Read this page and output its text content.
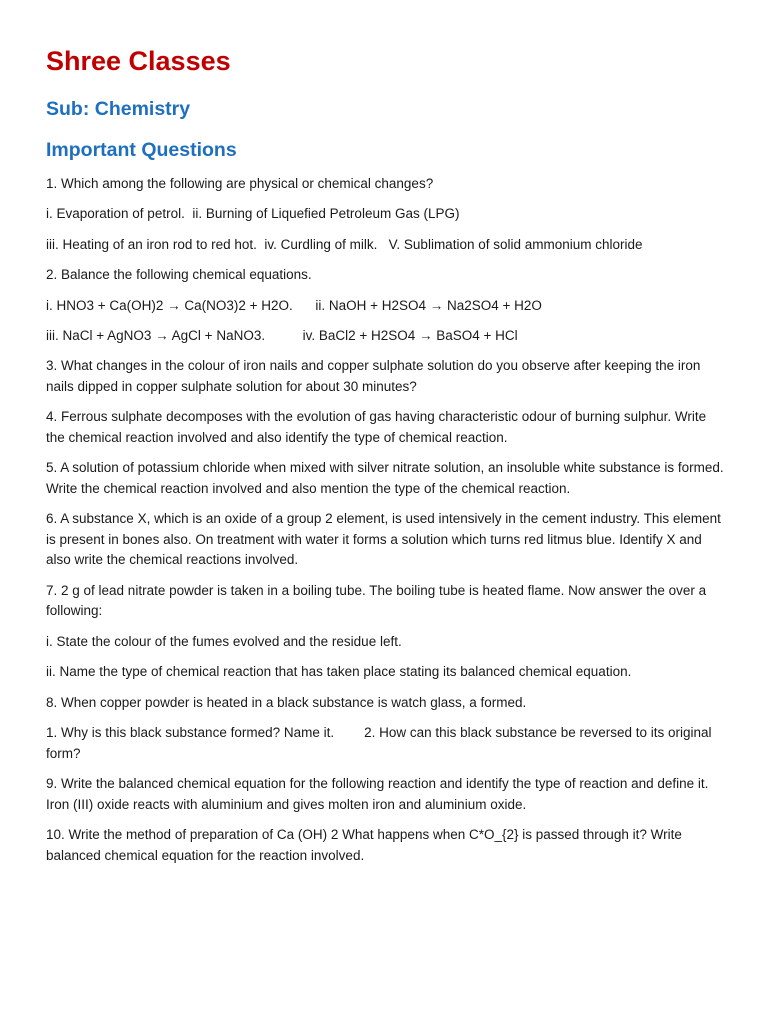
Shree Classes
Sub: Chemistry
Important Questions

1. Which among the following are physical or chemical changes?

i. Evaporation of petrol.  ii. Burning of Liquefied Petroleum Gas (LPG)

iii. Heating of an iron rod to red hot.  iv. Curdling of milk.   V. Sublimation of solid ammonium chloride

2. Balance the following chemical equations.

i. HNO3 + Ca(OH)2 → Ca(NO3)2 + H2O.      ii. NaOH + H2SO4 → Na2SO4 + H2O

iii. NaCl + AgNO3 → AgCl + NaNO3.          iv. BaCl2 + H2SO4 → BaSO4 + HCl

3. What changes in the colour of iron nails and copper sulphate solution do you observe after keeping the iron nails dipped in copper sulphate solution for about 30 minutes?

4. Ferrous sulphate decomposes with the evolution of gas having characteristic odour of burning sulphur. Write the chemical reaction involved and also identify the type of chemical reaction.

5. A solution of potassium chloride when mixed with silver nitrate solution, an insoluble white substance is formed. Write the chemical reaction involved and also mention the type of the chemical reaction.

6. A substance X, which is an oxide of a group 2 element, is used intensively in the cement industry. This element is present in bones also. On treatment with water it forms a solution which turns red litmus blue. Identify X and also write the chemical reactions involved.

7. 2 g of lead nitrate powder is taken in a boiling tube. The boiling tube is heated flame. Now answer the over a following:

i. State the colour of the fumes evolved and the residue left.

ii. Name the type of chemical reaction that has taken place stating its balanced chemical equation.

8. When copper powder is heated in a black substance is watch glass, a formed.

1. Why is this black substance formed? Name it.        2. How can this black substance be reversed to its original form?

9. Write the balanced chemical equation for the following reaction and identify the type of reaction and define it. Iron (III) oxide reacts with aluminium and gives molten iron and aluminium oxide.

10. Write the method of preparation of Ca (OH) 2 What happens when C*O_{2} is passed through it? Write balanced chemical equation for the reaction involved.
